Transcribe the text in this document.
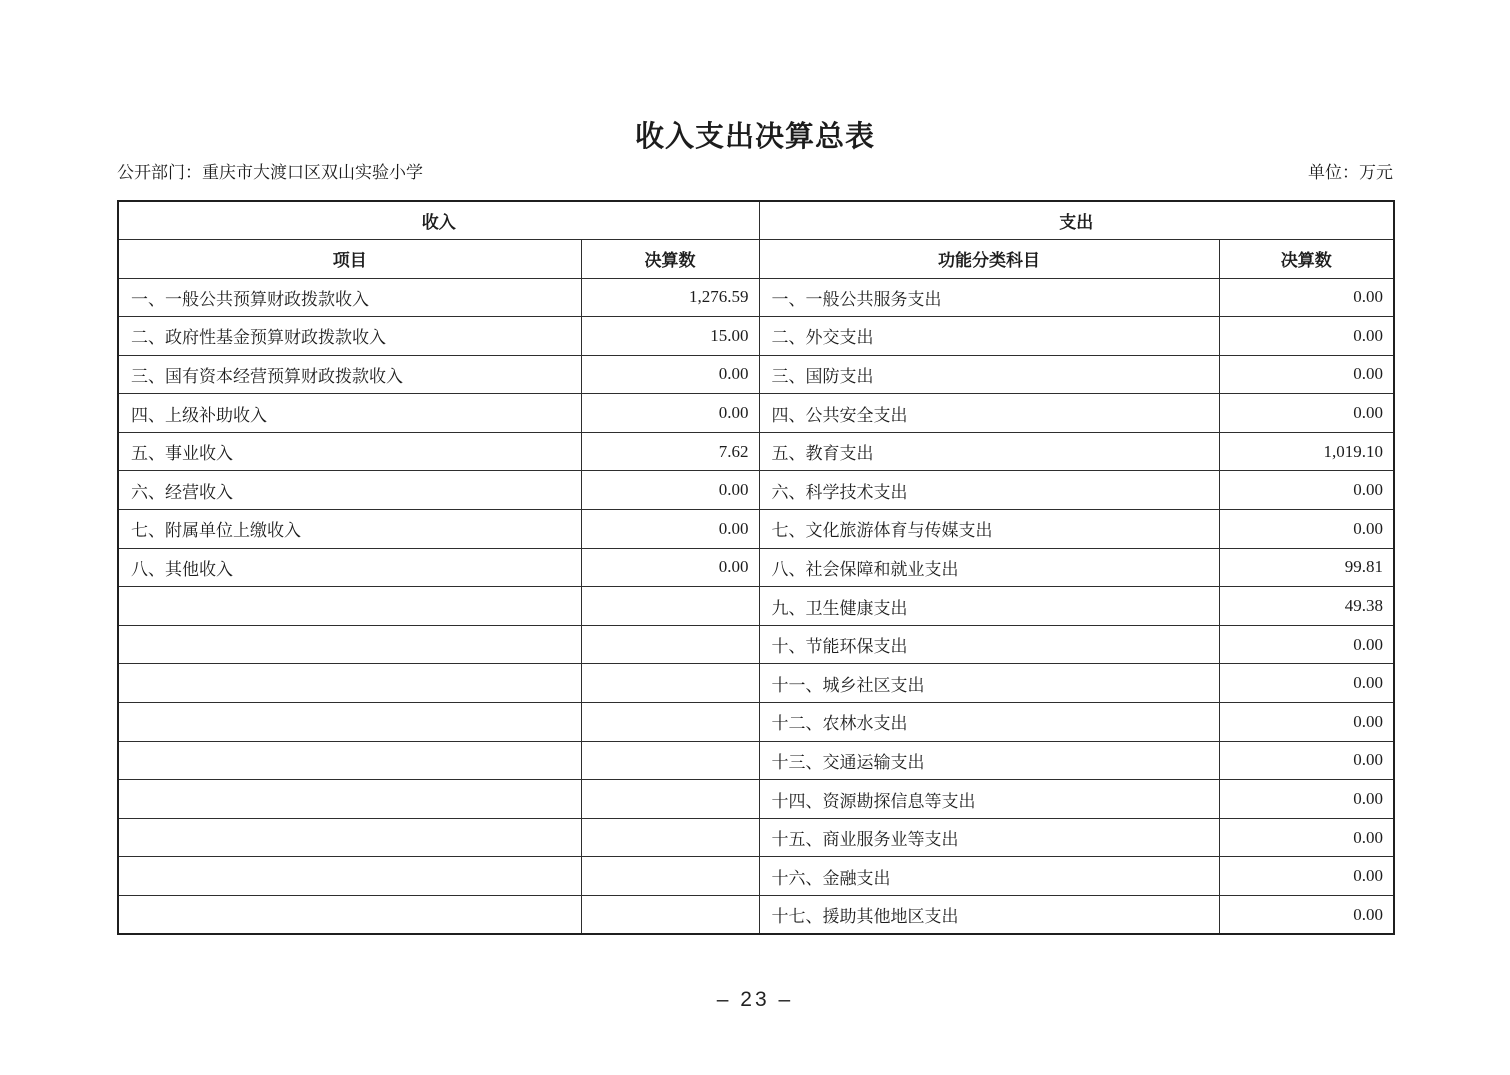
收入支出决算总表
公开部门：重庆市大渡口区双山实验小学	单位：万元
收入		支出	
项目	决算数	功能分类科目	决算数
一、一般公共预算财政拨款收入	1,276.59	一、一般公共服务支出	0.00
二、政府性基金预算财政拨款收入	15.00	二、外交支出	0.00
三、国有资本经营预算财政拨款收入	0.00	三、国防支出	0.00
四、上级补助收入	0.00	四、公共安全支出	0.00
五、事业收入	7.62	五、教育支出	1,019.10
六、经营收入	0.00	六、科学技术支出	0.00
七、附属单位上缴收入	0.00	七、文化旅游体育与传媒支出	0.00
八、其他收入	0.00	八、社会保障和就业支出	99.81
		九、卫生健康支出	49.38
		十、节能环保支出	0.00
		十一、城乡社区支出	0.00
		十二、农林水支出	0.00
		十三、交通运输支出	0.00
		十四、资源勘探信息等支出	0.00
		十五、商业服务业等支出	0.00
		十六、金融支出	0.00
		十七、援助其他地区支出	0.00
– 23 –
